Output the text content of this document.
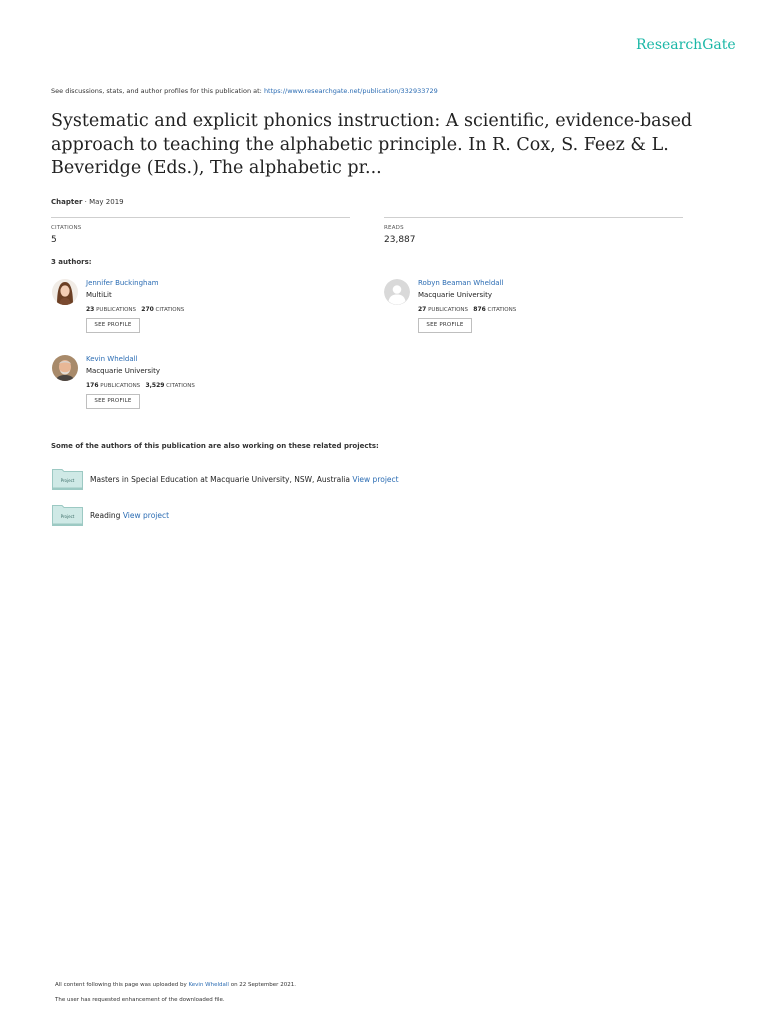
ResearchGate
See discussions, stats, and author profiles for this publication at: https://www.researchgate.net/publication/332933729
Systematic and explicit phonics instruction: A scientific, evidence-based approach to teaching the alphabetic principle. In R. Cox, S. Feez & L. Beveridge (Eds.), The alphabetic pr...
Chapter · May 2019
CITATIONS
5
READS
23,887
3 authors:
Jennifer Buckingham
MultiLit
23 PUBLICATIONS 270 CITATIONS
SEE PROFILE
Robyn Beaman Wheldall
Macquarie University
27 PUBLICATIONS 876 CITATIONS
SEE PROFILE
Kevin Wheldall
Macquarie University
176 PUBLICATIONS 3,529 CITATIONS
SEE PROFILE
Some of the authors of this publication are also working on these related projects:
Project Masters in Special Education at Macquarie University, NSW, Australia View project
Project Reading View project
All content following this page was uploaded by Kevin Wheldall on 22 September 2021.
The user has requested enhancement of the downloaded file.
